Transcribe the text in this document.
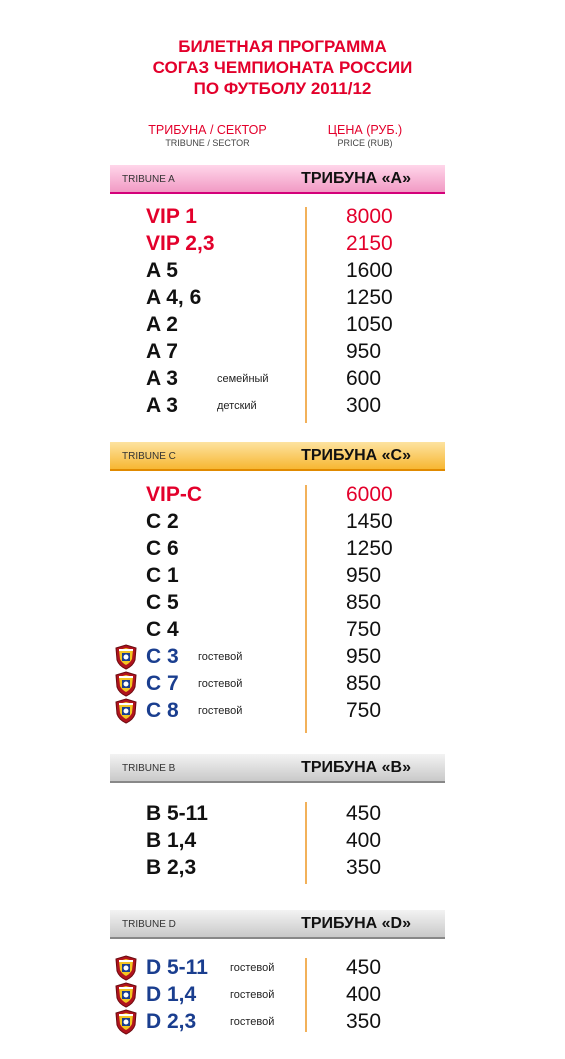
БИЛЕТНАЯ ПРОГРАММА
СОГАЗ ЧЕМПИОНАТА РОССИИ
ПО ФУТБОЛУ 2011/12
ТРИБУНА / СЕКТОР
TRIBUNE / SECTOR
ЦЕНА (РУБ.)
PRICE (RUB)
TRIBUNE A	ТРИБУНА «А»
TRIBUNE C	ТРИБУНА «С»
TRIBUNE B	ТРИБУНА «В»
TRIBUNE D	ТРИБУНА «D»
VIP 1	8000
VIP 2,3	2150
A 5	1600
A 4, 6	1250
A 2	1050
A 7	950
A 3	семейный	600
A 3	детский	300
VIP-C	6000
C 2	1450
C 6	1250
C 1	950
C 5	850
C 4	750
C 3 гостевой	950
C 7 гостевой	850
C 8 гостевой	750
B 5-11	450
B 1,4	400
B 2,3	350
D 5-11 гостевой	450
D 1,4	гостевой	400
D 2,3	гостевой	350
